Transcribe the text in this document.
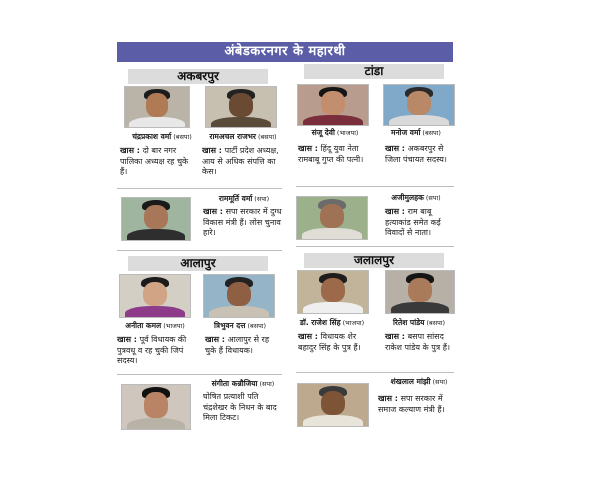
अंबेडकरनगर के महारथी
अकबरपुर	टांडा
आलापुर	जलालपुर
चंद्रप्रकाश वर्मा (बसपा)	रामअचल राजभर (बसपा)
खास : दो बार नगर पालिका अध्यक्ष रह चुके हैं।
खास : पार्टी प्रदेश अध्यक्ष, आय से अधिक संपत्ति का केस।
राममूर्ति वर्मा (सपा)
खास : सपा सरकार में दुग्ध विकास मंत्री हैं। लोस चुनाव हारे।
संजू देवी (भाजपा)	मनोज वर्मा (बसपा)
खास : हिंदू युवा नेता रामबाबू गुप्त की पत्नी।
खास : अकबरपुर से जिला पंचायत सदस्य।
अजीमुलहक (सपा)
खास : राम बाबू हत्याकांड समेत कई विवादों से नाता।
अनीता कमल (भाजपा)	त्रिभुवन दत्त (बसपा)
खास : पूर्व विधायक की पुत्रवधू व रह चुकी जिपं सदस्य।
खास : आलापुर से रह चुके हैं विधायक।
संगीता कन्नौजिया (सपा)
घोषित प्रत्याशी पति चंद्रशेखर के निधन के बाद मिला टिकट।
डॉ. राजेश सिंह (भाजपा)	रितेश पांडेय (बसपा)
खास : विधायक शेर बहादुर सिंह के पुत्र हैं।
खास : बसपा सांसद राकेश पांडेय के पुत्र हैं।
शंखलाल मांझी (सपा)
खास : सपा सरकार में समाज कल्याण मंत्री हैं।
